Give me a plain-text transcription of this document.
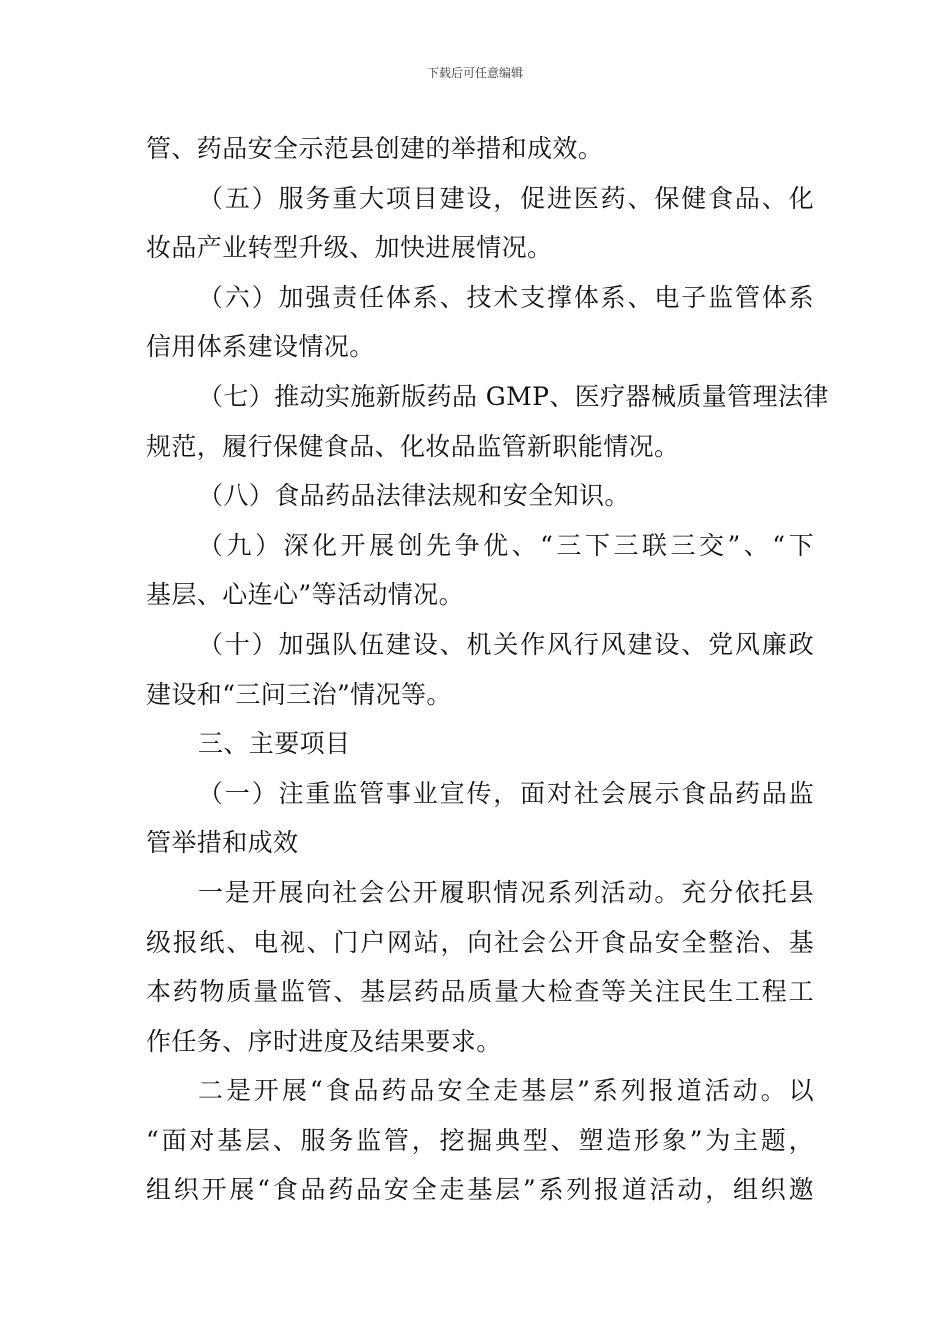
下载后可任意编辑

管、药品安全示范县创建的举措和成效。

（五）服务重大项目建设，促进医药、保健食品、化
妆品产业转型升级、加快进展情况。

（六）加强责任体系、技术支撑体系、电子监管体系
信用体系建设情况。

（七）推动实施新版药品 GMP、医疗器械质量管理法律
规范，履行保健食品、化妆品监管新职能情况。

（八）食品药品法律法规和安全知识。

（九）深化开展创先争优、“三下三联三交”、“下
基层、心连心”等活动情况。

（十）加强队伍建设、机关作风行风建设、党风廉政
建设和“三问三治”情况等。

三、主要项目

（一）注重监管事业宣传，面对社会展示食品药品监
管举措和成效

一是开展向社会公开履职情况系列活动。充分依托县
级报纸、电视、门户网站，向社会公开食品安全整治、基
本药物质量监管、基层药品质量大检查等关注民生工程工
作任务、序时进度及结果要求。

二是开展“食品药品安全走基层”系列报道活动。以
“面对基层、服务监管，挖掘典型、塑造形象”为主题，
组织开展“食品药品安全走基层”系列报道活动，组织邀
